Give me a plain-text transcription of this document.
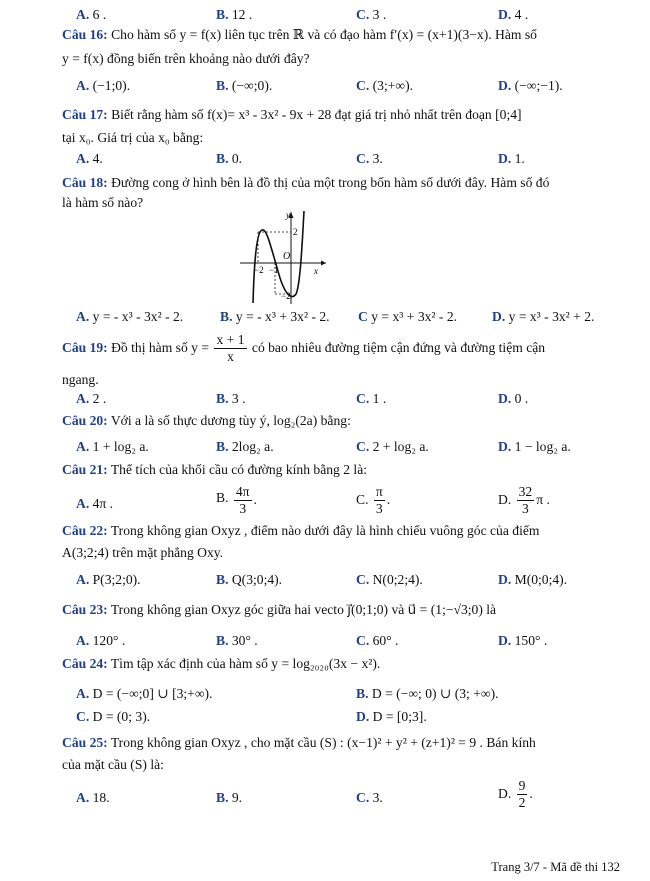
A. 6 .	B. 12 .	C. 3 .	D. 4 .
Câu 16: Cho hàm số y = f(x) liên tục trên ℝ và có đạo hàm f′(x) = (x+1)(3−x). Hàm số
y = f(x) đồng biến trên khoảng nào dưới đây?
A. (−1;0).	B. (−∞;0).	C. (3;+∞).	D. (−∞;−1).
Câu 17: Biết rằng hàm số f(x)= x³ - 3x² - 9x + 28 đạt giá trị nhỏ nhất trên đoạn [0;4]
tại x₀. Giá trị của x₀ bằng:
A. 4.	B. 0.	C. 3.	D. 1.
Câu 18: Đường cong ở hình bên là đồ thị của một trong bốn hàm số dưới đây. Hàm số đó
là hàm số nào?
y
x
O
2
−2
−2 −1
A. y = - x³ - 3x² - 2.	B. y = - x³ + 3x² - 2. C y = x³ + 3x² - 2.	D. y = x³ - 3x² + 2.
Câu 19: Đồ thị hàm số $y = \frac{x + 1}{x}$ có bao nhiêu đường tiệm cận đứng và đường tiệm cận
ngang.
A. 2 .	B. 3 .	C. 1 .	D. 0 .
Câu 20: Với a là số thực dương tùy ý, log₂(2a) bằng:
A. 1 + log₂ a.	B. 2log₂ a.	C. 2 + log₂ a.	D. 1 − log₂ a.
Câu 21: Thể tích của khối cầu có đường kính bằng 2 là:
A. 4π .	B. $\frac{4\pi}{3}$ .	C. $\frac{\pi}{3}$ .	D. $\frac{32}{3}$ π .
Câu 22: Trong không gian Oxyz , điểm nào dưới đây là hình chiếu vuông góc của điểm
A(3;2;4) trên mặt phẳng Oxy.
A. P(3;2;0).	B. Q(3;0;4).	C. N(0;2;4).	D. M(0;0;4).
Câu 23: Trong không gian Oxyz góc giữa hai vecto j⃗(0;1;0) và u⃗ = (1;−√3;0) là
A. 120° .	B. 30° .	C. 60° .	D. 150° .
Câu 24: Tìm tập xác định của hàm số y = log₂₀₂₀(3x − x²).
A. D = (−∞;0] ∪ [3;+∞).	B. D = (−∞; 0) ∪ (3; +∞).
C. D = (0; 3).	D. D = [0;3].
Câu 25: Trong không gian Oxyz , cho mặt cầu (S) : (x−1)² + y² + (z+1)² = 9 . Bán kính
của mặt cầu (S) là:
A. 18.	B. 9.	C. 3.	D. $\frac{9}{2}$ .
Trang 3/7 - Mã đề thi 132
